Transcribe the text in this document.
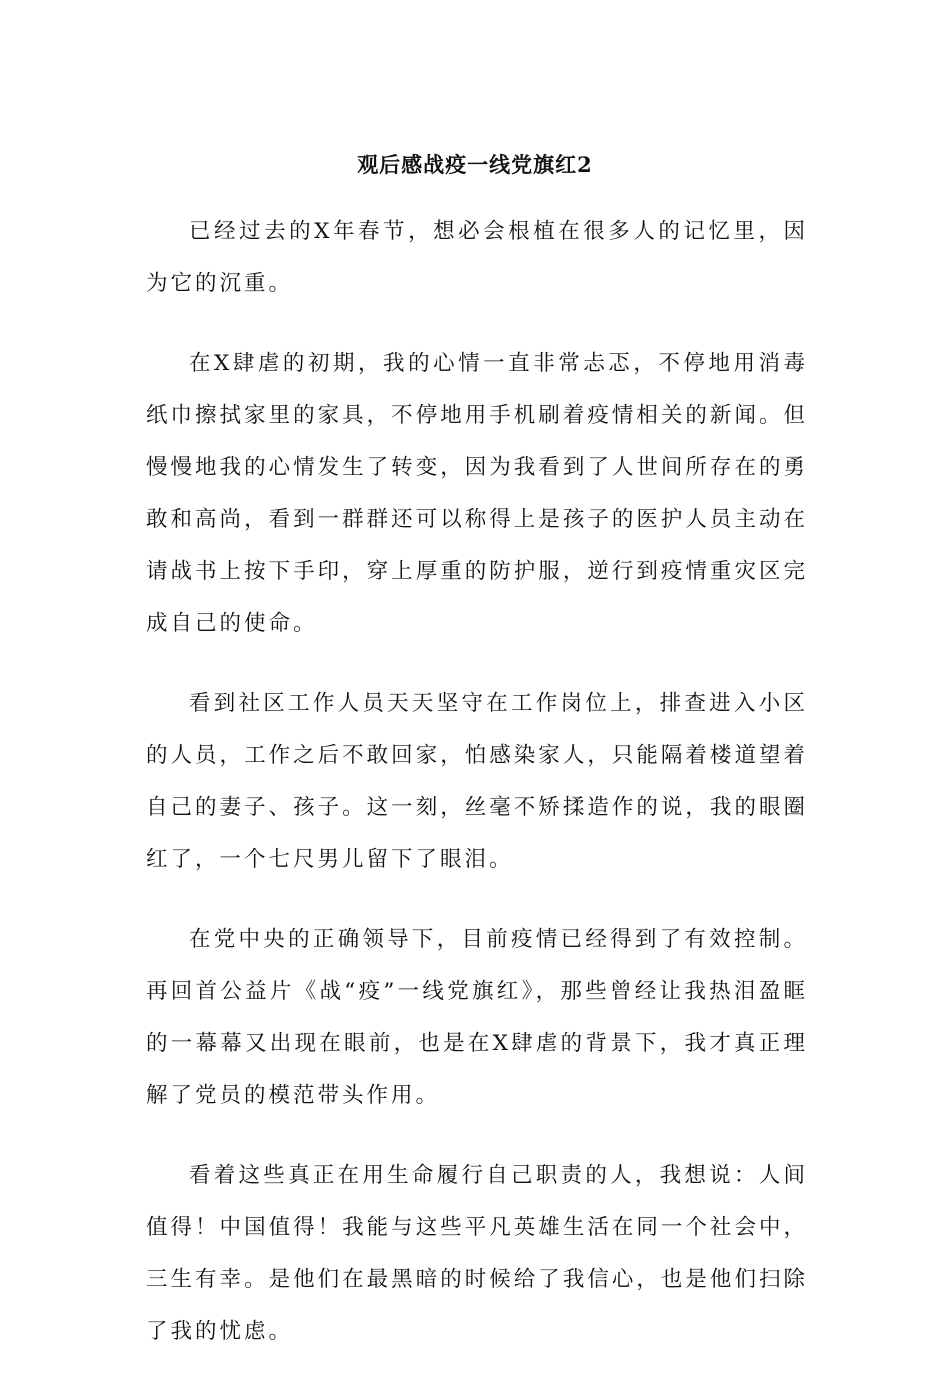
观后感战疫一线党旗红2

已经过去的X年春节，想必会根植在很多人的记忆里，因为它的沉重。

在X肆虐的初期，我的心情一直非常忐忑，不停地用消毒纸巾擦拭家里的家具，不停地用手机刷着疫情相关的新闻。但慢慢地我的心情发生了转变，因为我看到了人世间所存在的勇敢和高尚，看到一群群还可以称得上是孩子的医护人员主动在请战书上按下手印，穿上厚重的防护服，逆行到疫情重灾区完成自己的使命。

看到社区工作人员天天坚守在工作岗位上，排查进入小区的人员，工作之后不敢回家，怕感染家人，只能隔着楼道望着自己的妻子、孩子。这一刻，丝毫不矫揉造作的说，我的眼圈红了，一个七尺男儿留下了眼泪。

在党中央的正确领导下，目前疫情已经得到了有效控制。再回首公益片《战“疫”一线党旗红》，那些曾经让我热泪盈眶的一幕幕又出现在眼前，也是在X肆虐的背景下，我才真正理解了党员的模范带头作用。

看着这些真正在用生命履行自己职责的人，我想说：人间值得！中国值得！我能与这些平凡英雄生活在同一个社会中，三生有幸。是他们在最黑暗的时候给了我信心，也是他们扫除了我的忧虑。
